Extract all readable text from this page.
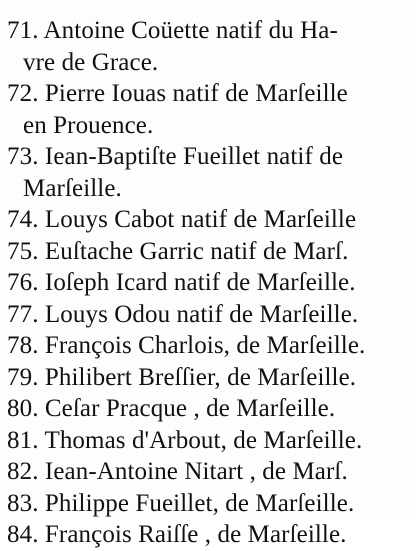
71. Antoine Coüette natif du Ha-
vre de Grace.
72. Pierre Iouas natif de Marſeille
en Prouence.
73. Iean-Baptiſte Fueillet natif de
Marſeille.
74. Louys Cabot natif de Marſeille
75. Euſtache Garric natif de Marſ.
76. Ioſeph Icard natif de Marſeille.
77. Louys Odou natif de Marſeille.
78. François Charlois, de Marſeille.
79. Philibert Breſſier, de Marſeille.
80. Ceſar Pracque , de Marſeille.
81. Thomas d'Arbout, de Marſeille.
82. Iean-Antoine Nitart , de Marſ.
83. Philippe Fueillet, de Marſeille.
84. François Raiſſe , de Marſeille.
